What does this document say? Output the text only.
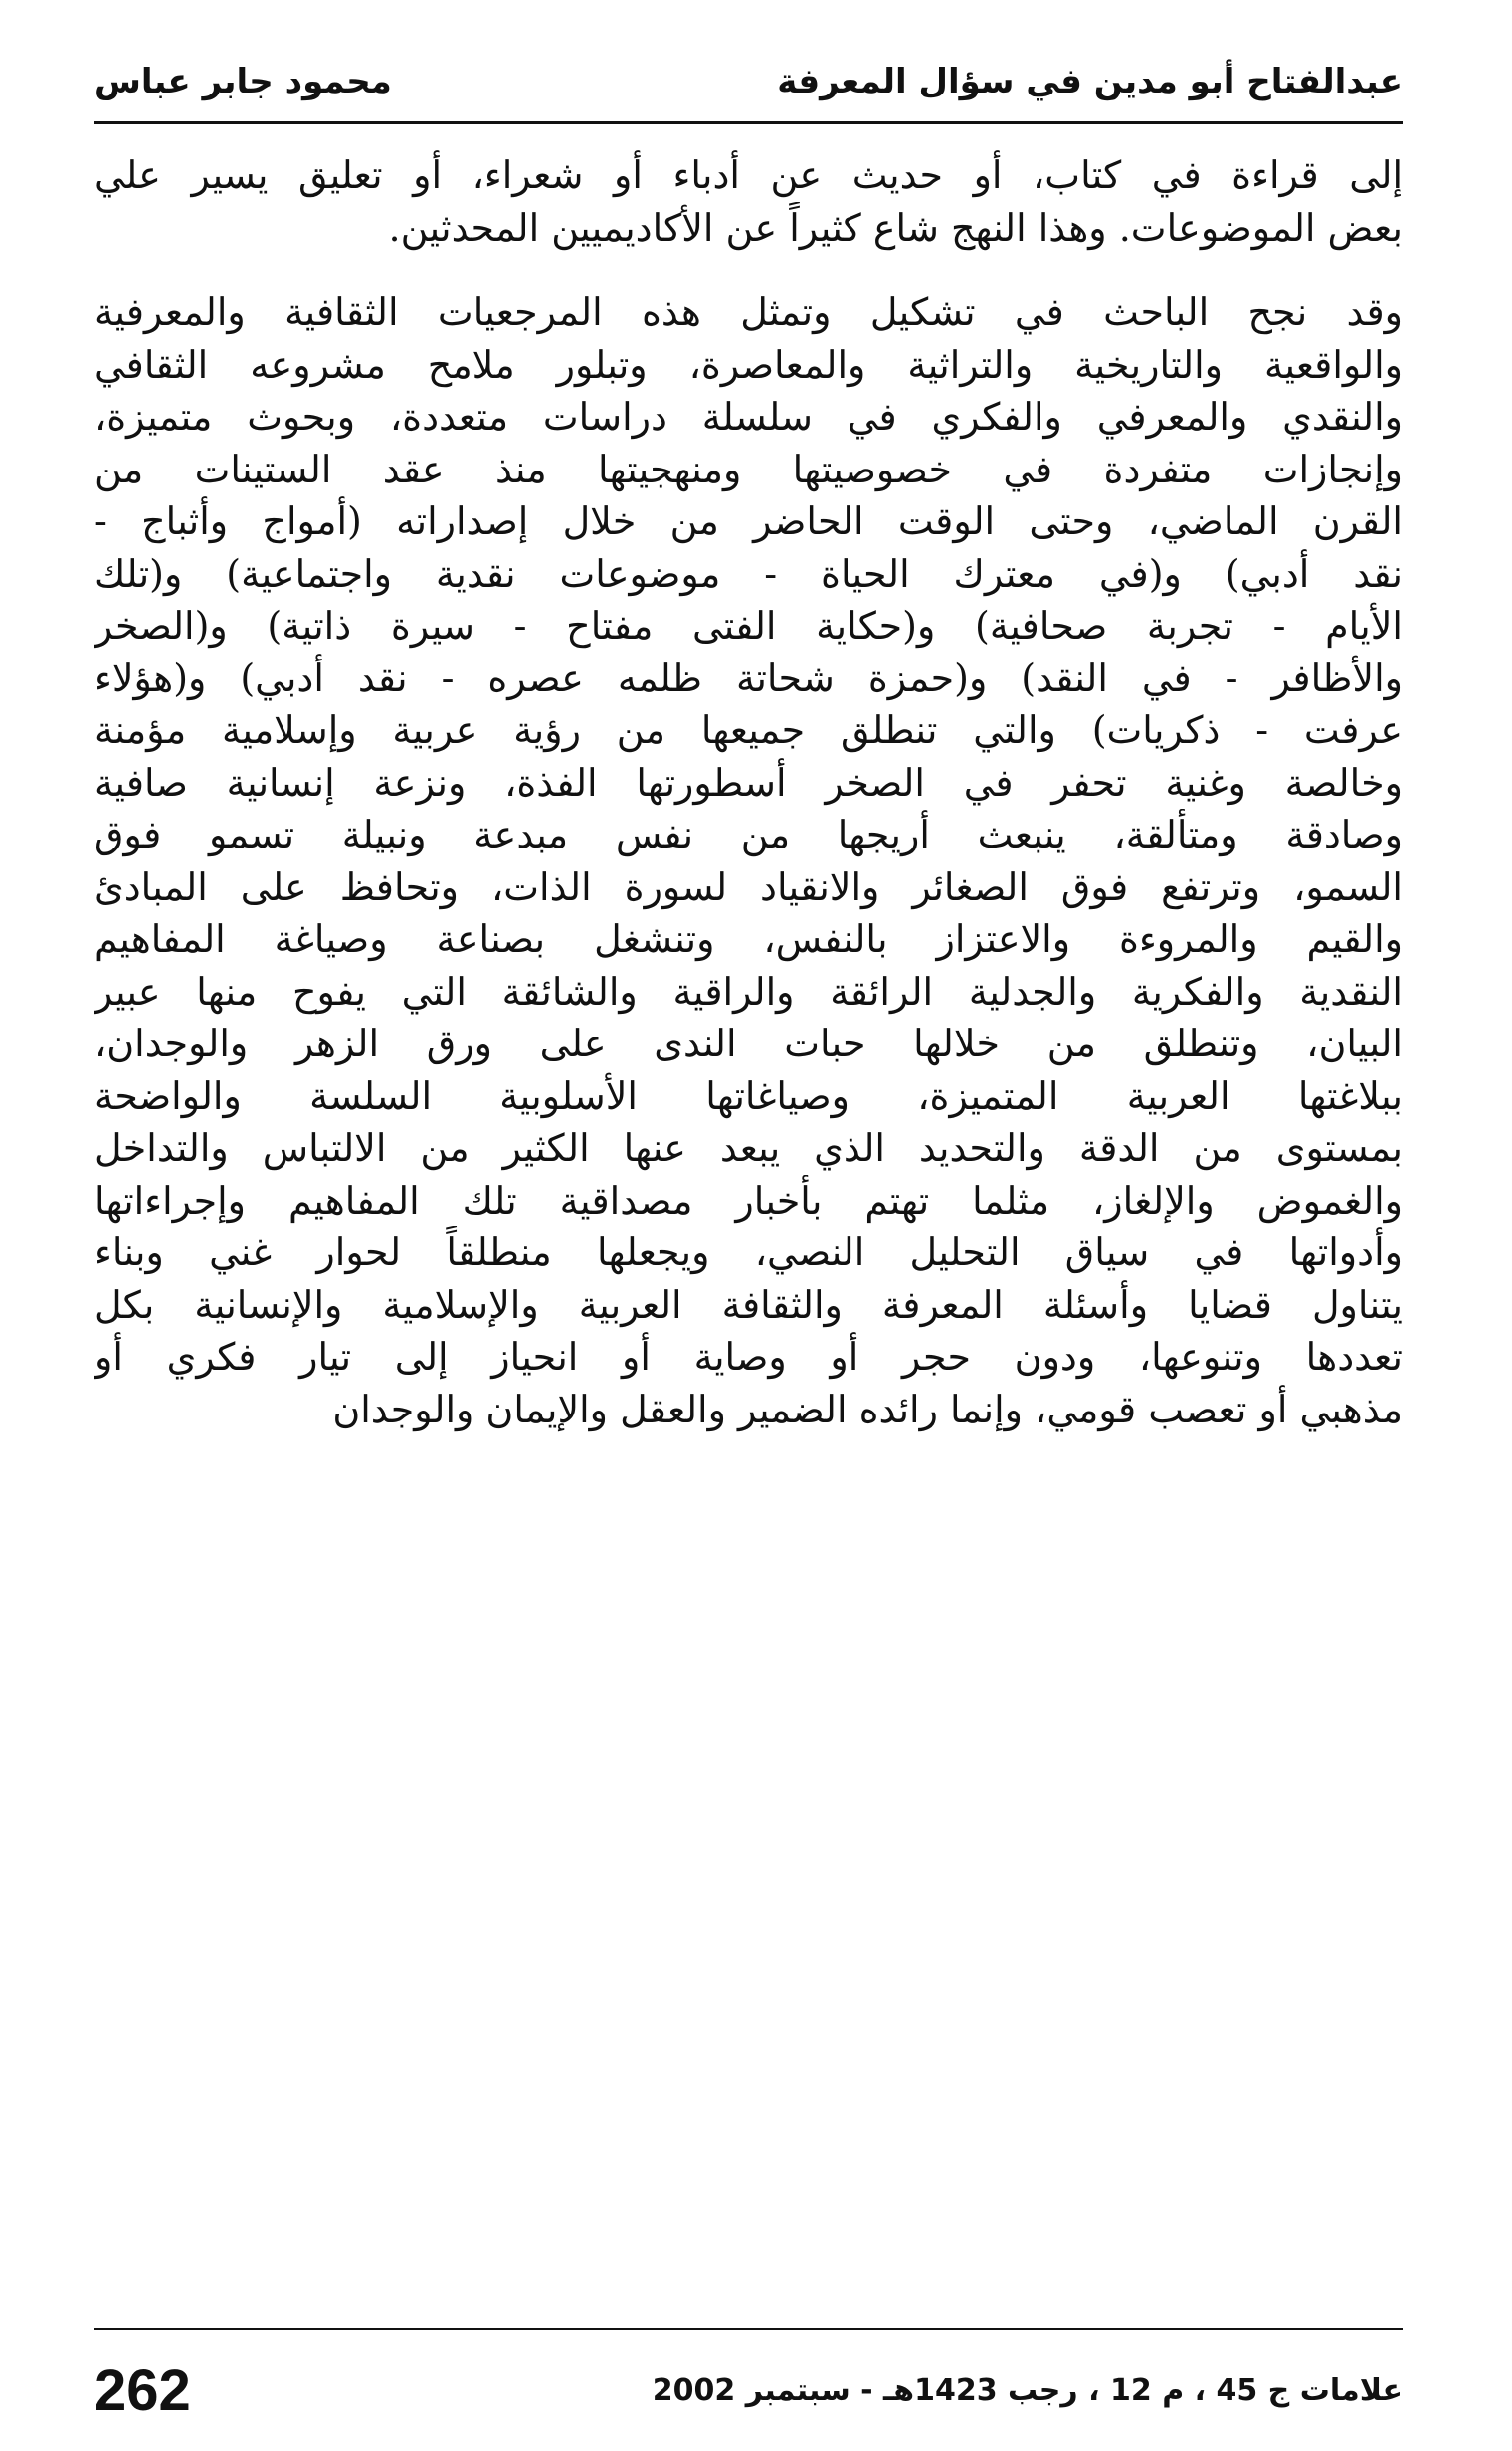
عبدالفتاح أبو مدين في سؤال المعرفة
محمود جابر عباس
إلى قراءة في كتاب، أو حديث عن أدباء أو شعراء، أو تعليق يسير علي
بعض الموضوعات. وهذا النهج شاع كثيراً عن الأكاديميين المحدثين.
وقد نجح الباحث في تشكيل وتمثل هذه المرجعيات الثقافية والمعرفية
والواقعية والتاريخية والتراثية والمعاصرة، وتبلور ملامح مشروعه الثقافي
والنقدي والمعرفي والفكري في سلسلة دراسات متعددة، وبحوث متميزة،
وإنجازات متفردة في خصوصيتها ومنهجيتها منذ عقد الستينات من
القرن الماضي، وحتى الوقت الحاضر من خلال إصداراته (أمواج وأثباج -
نقد أدبي) و(في معترك الحياة - موضوعات نقدية واجتماعية) و(تلك
الأيام - تجربة صحافية) و(حكاية الفتى مفتاح - سيرة ذاتية) و(الصخر
والأظافر - في النقد) و(حمزة شحاتة ظلمه عصره - نقد أدبي) و(هؤلاء
عرفت - ذكريات) والتي تنطلق جميعها من رؤية عربية وإسلامية مؤمنة
وخالصة وغنية تحفر في الصخر أسطورتها الفذة، ونزعة إنسانية صافية
وصادقة ومتألقة، ينبعث أريجها من نفس مبدعة ونبيلة تسمو فوق
السمو، وترتفع فوق الصغائر والانقياد لسورة الذات، وتحافظ على المبادئ
والقيم والمروءة والاعتزاز بالنفس، وتنشغل بصناعة وصياغة المفاهيم
النقدية والفكرية والجدلية الرائقة والراقية والشائقة التي يفوح منها عبير
البيان، وتنطلق من خلالها حبات الندى على ورق الزهر والوجدان،
ببلاغتها العربية المتميزة، وصياغاتها الأسلوبية السلسة والواضحة
بمستوى من الدقة والتحديد الذي يبعد عنها الكثير من الالتباس والتداخل
والغموض والإلغاز، مثلما تهتم بأخبار مصداقية تلك المفاهيم وإجراءاتها
وأدواتها في سياق التحليل النصي، ويجعلها منطلقاً لحوار غني وبناء
يتناول قضايا وأسئلة المعرفة والثقافة العربية والإسلامية والإنسانية بكل
تعددها وتنوعها، ودون حجر أو وصاية أو انحياز إلى تيار فكري أو
مذهبي أو تعصب قومي، وإنما رائده الضمير والعقل والإيمان والوجدان
علامات ج 45 ، م 12 ، رجب 1423هـ - سبتمبر 2002
262
